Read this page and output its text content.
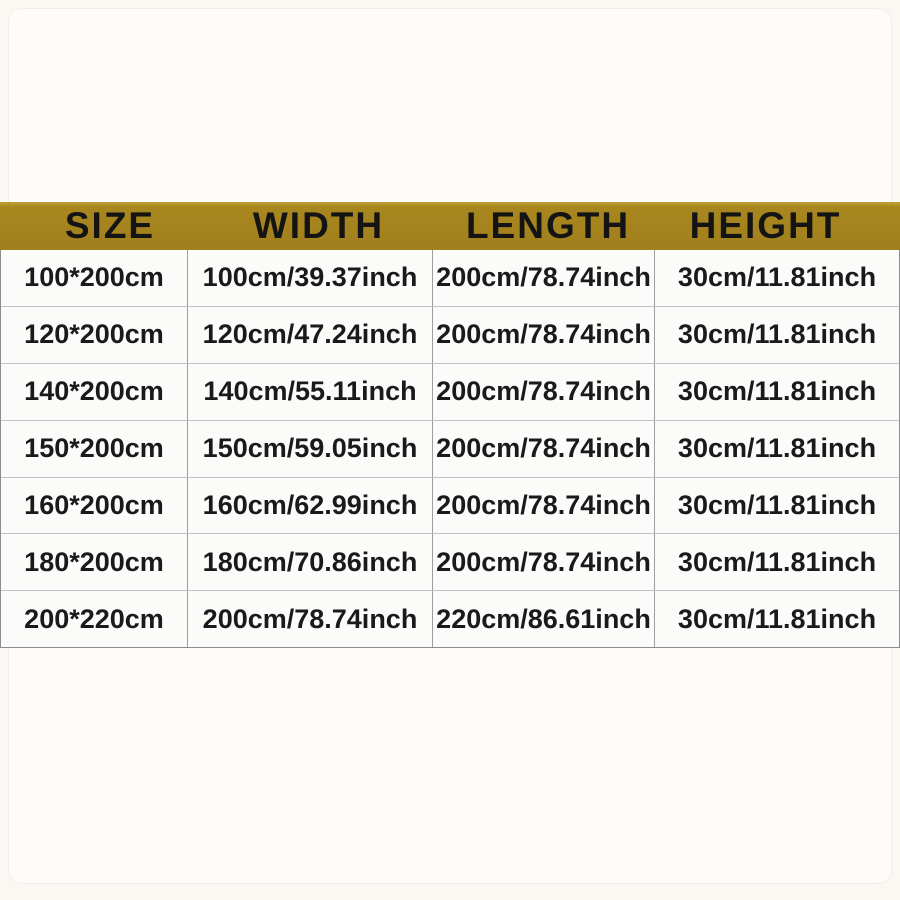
SIZE	WIDTH	LENGTH	HEIGHT
100*200cm	100cm/39.37inch 200cm/78.74inch	30cm/11.81inch
120*200cm	120cm/47.24inch 200cm/78.74inch	30cm/11.81inch
140*200cm	140cm/55.11inch 200cm/78.74inch	30cm/11.81inch
150*200cm	150cm/59.05inch 200cm/78.74inch	30cm/11.81inch
160*200cm	160cm/62.99inch 200cm/78.74inch	30cm/11.81inch
180*200cm	180cm/70.86inch 200cm/78.74inch	30cm/11.81inch
200*220cm	200cm/78.74inch 220cm/86.61inch	30cm/11.81inch
